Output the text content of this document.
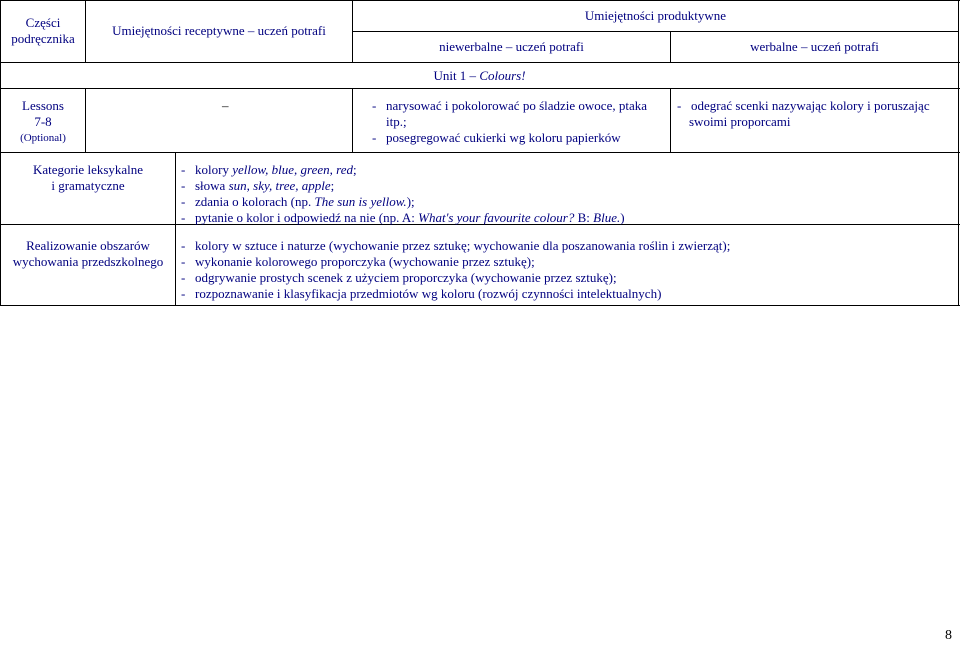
Części
podręcznika
Umiejętności receptywne – uczeń potrafi
Umiejętności produktywne
niewerbalne – uczeń potrafi	werbalne – uczeń potrafi
Unit 1 – Colours!
Lessons
7-8
(Optional)
–	- narysować i pokolorować po śladzie owoce, ptaka
itp.;
- posegregować cukierki wg koloru papierków
- odegrać scenki nazywając kolory i poruszając
swoimi proporcami
Kategorie leksykalne
i gramatyczne
- kolory yellow, blue, green, red;
- słowa sun, sky, tree, apple;
- zdania o kolorach (np. The sun is yellow.);
- pytanie o kolor i odpowiedź na nie (np. A: What's your favourite colour? B: Blue.)
Realizowanie obszarów
wychowania przedszkolnego
- kolory w sztuce i naturze (wychowanie przez sztukę; wychowanie dla poszanowania roślin i zwierząt);
- wykonanie kolorowego proporczyka (wychowanie przez sztukę);
- odgrywanie prostych scenek z użyciem proporczyka (wychowanie przez sztukę);
- rozpoznawanie i klasyfikacja przedmiotów wg koloru (rozwój czynności intelektualnych)
8
